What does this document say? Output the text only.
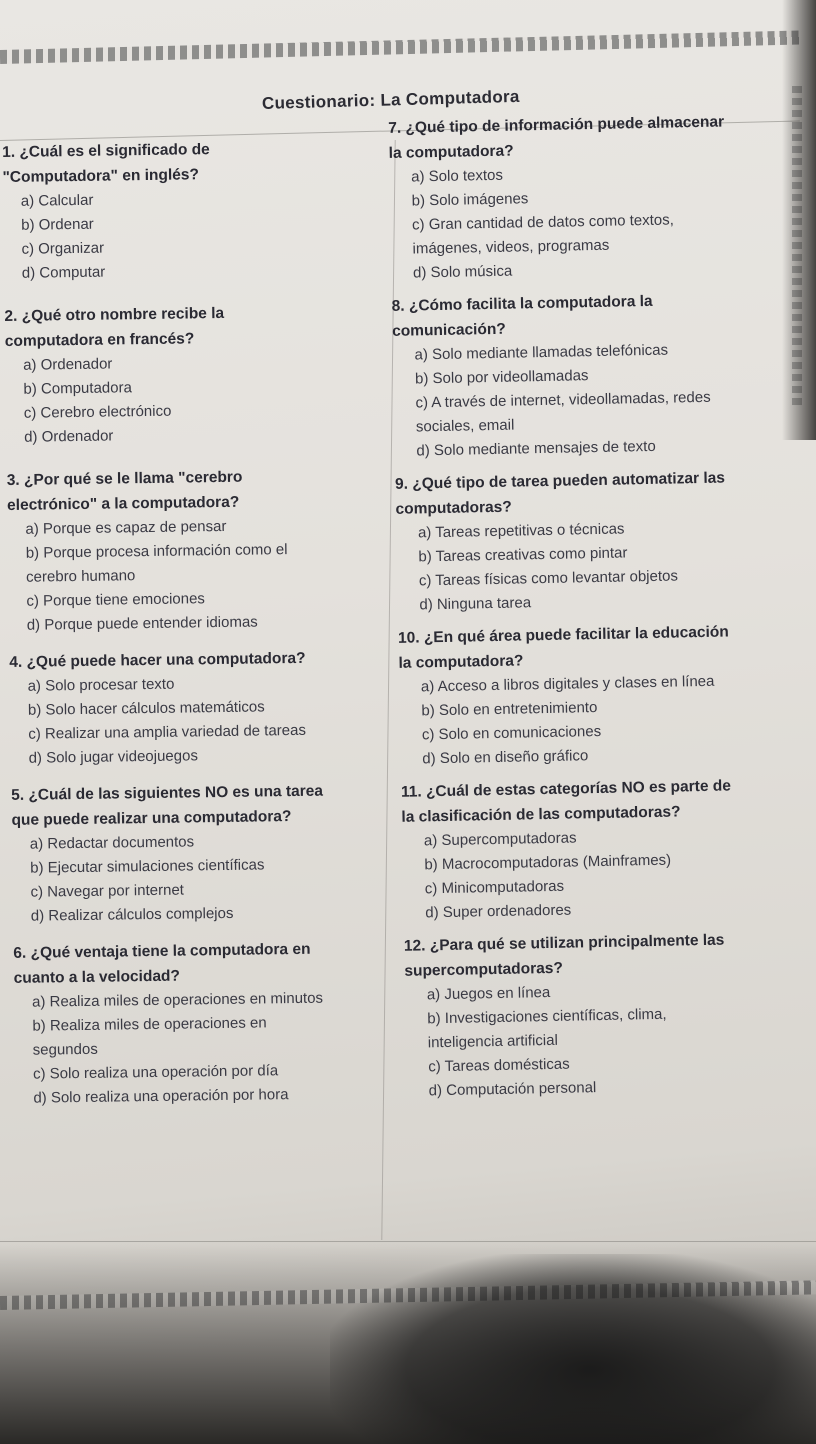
Cuestionario: La Computadora
1. ¿Cuál es el significado de
"Computadora" en inglés?
a) Calcular
b) Ordenar
c) Organizar
d) Computar
2. ¿Qué otro nombre recibe la
computadora en francés?
a) Ordenador
b) Computadora
c) Cerebro electrónico
d) Ordenador
3. ¿Por qué se le llama "cerebro
electrónico" a la computadora?
a) Porque es capaz de pensar
b) Porque procesa información como el
cerebro humano
c) Porque tiene emociones
d) Porque puede entender idiomas
4. ¿Qué puede hacer una computadora?
a) Solo procesar texto
b) Solo hacer cálculos matemáticos
c) Realizar una amplia variedad de tareas
d) Solo jugar videojuegos
5. ¿Cuál de las siguientes NO es una tarea
que puede realizar una computadora?
a) Redactar documentos
b) Ejecutar simulaciones científicas
c) Navegar por internet
d) Realizar cálculos complejos
6. ¿Qué ventaja tiene la computadora en
cuanto a la velocidad?
a) Realiza miles de operaciones en minutos
b) Realiza miles de operaciones en
segundos
c) Solo realiza una operación por día
d) Solo realiza una operación por hora
7. ¿Qué tipo de información puede almacenar
la computadora?
a) Solo textos
b) Solo imágenes
c) Gran cantidad de datos como textos,
imágenes, videos, programas
d) Solo música
8. ¿Cómo facilita la computadora la
comunicación?
a) Solo mediante llamadas telefónicas
b) Solo por videollamadas
c) A través de internet, videollamadas, redes
sociales, email
d) Solo mediante mensajes de texto
9. ¿Qué tipo de tarea pueden automatizar las
computadoras?
a) Tareas repetitivas o técnicas
b) Tareas creativas como pintar
c) Tareas físicas como levantar objetos
d) Ninguna tarea
10. ¿En qué área puede facilitar la educación
la computadora?
a) Acceso a libros digitales y clases en línea
b) Solo en entretenimiento
c) Solo en comunicaciones
d) Solo en diseño gráfico
11. ¿Cuál de estas categorías NO es parte de
la clasificación de las computadoras?
a) Supercomputadoras
b) Macrocomputadoras (Mainframes)
c) Minicomputadoras
d) Super ordenadores
12. ¿Para qué se utilizan principalmente las
supercomputadoras?
a) Juegos en línea
b) Investigaciones científicas, clima,
inteligencia artificial
c) Tareas domésticas
d) Computación personal
